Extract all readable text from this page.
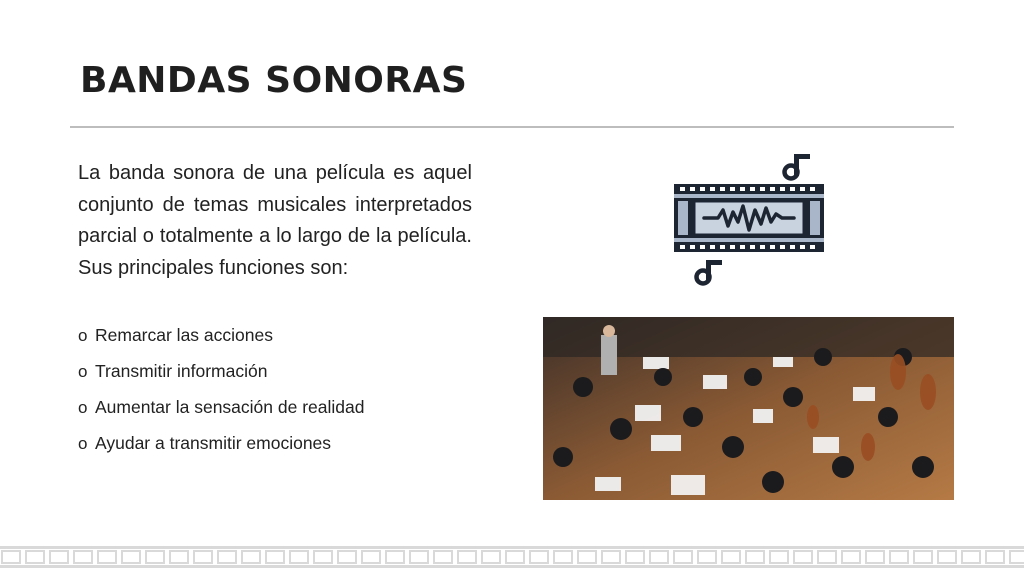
BANDAS SONORAS

La banda sonora de una película es aquel conjunto de temas musicales interpretados parcial o totalmente a lo largo de la película. Sus principales funciones son:

o Remarcar las acciones
o Transmitir información
o Aumentar la sensación de realidad
o Ayudar a transmitir emociones
